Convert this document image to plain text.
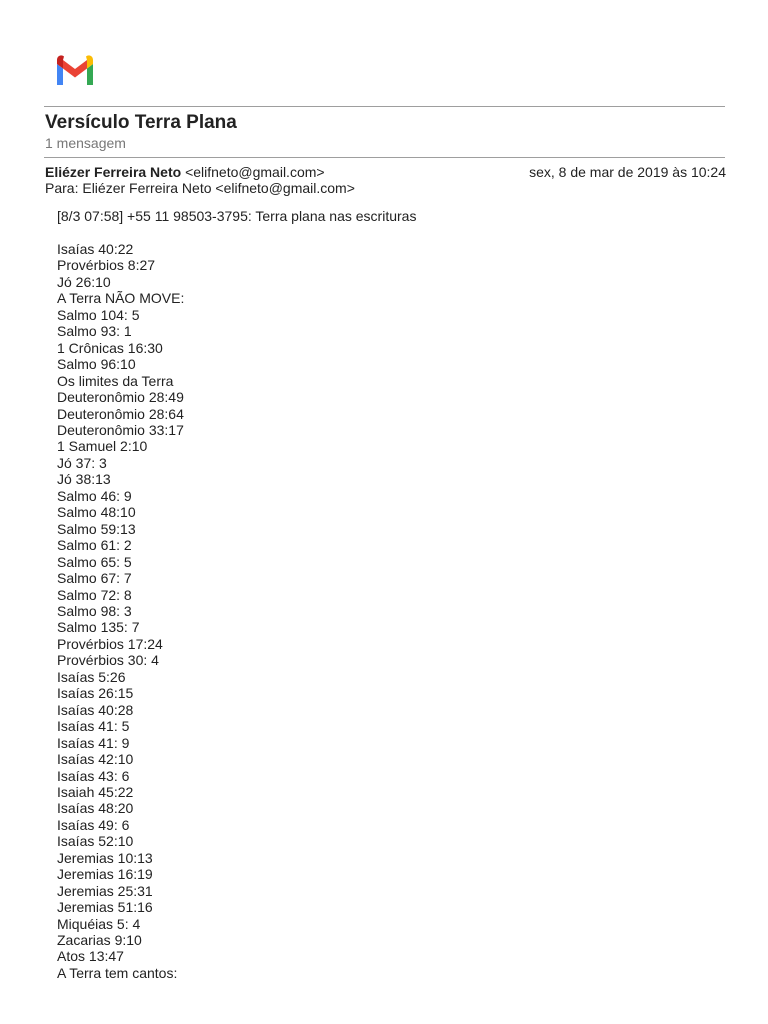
Versículo Terra Plana
1 mensagem
Eliézer Ferreira Neto <elifneto@gmail.com>	sex, 8 de mar de 2019 às 10:24
Para: Eliézer Ferreira Neto <elifneto@gmail.com>
[8/3 07:58] +55 11 98503-3795: Terra plana nas escrituras
Isaías 40:22
Provérbios 8:27
Jó 26:10
A Terra NÃO MOVE:
Salmo 104: 5
Salmo 93: 1
1 Crônicas 16:30
Salmo 96:10
Os limites da Terra
Deuteronômio 28:49
Deuteronômio 28:64
Deuteronômio 33:17
1 Samuel 2:10
Jó 37: 3
Jó 38:13
Salmo 46: 9
Salmo 48:10
Salmo 59:13
Salmo 61: 2
Salmo 65: 5
Salmo 67: 7
Salmo 72: 8
Salmo 98: 3
Salmo 135: 7
Provérbios 17:24
Provérbios 30: 4
Isaías 5:26
Isaías 26:15
Isaías 40:28
Isaías 41: 5
Isaías 41: 9
Isaías 42:10
Isaías 43: 6
Isaiah 45:22
Isaías 48:20
Isaías 49: 6
Isaías 52:10
Jeremias 10:13
Jeremias 16:19
Jeremias 25:31
Jeremias 51:16
Miquéias 5: 4
Zacarias 9:10
Atos 13:47
A Terra tem cantos:
